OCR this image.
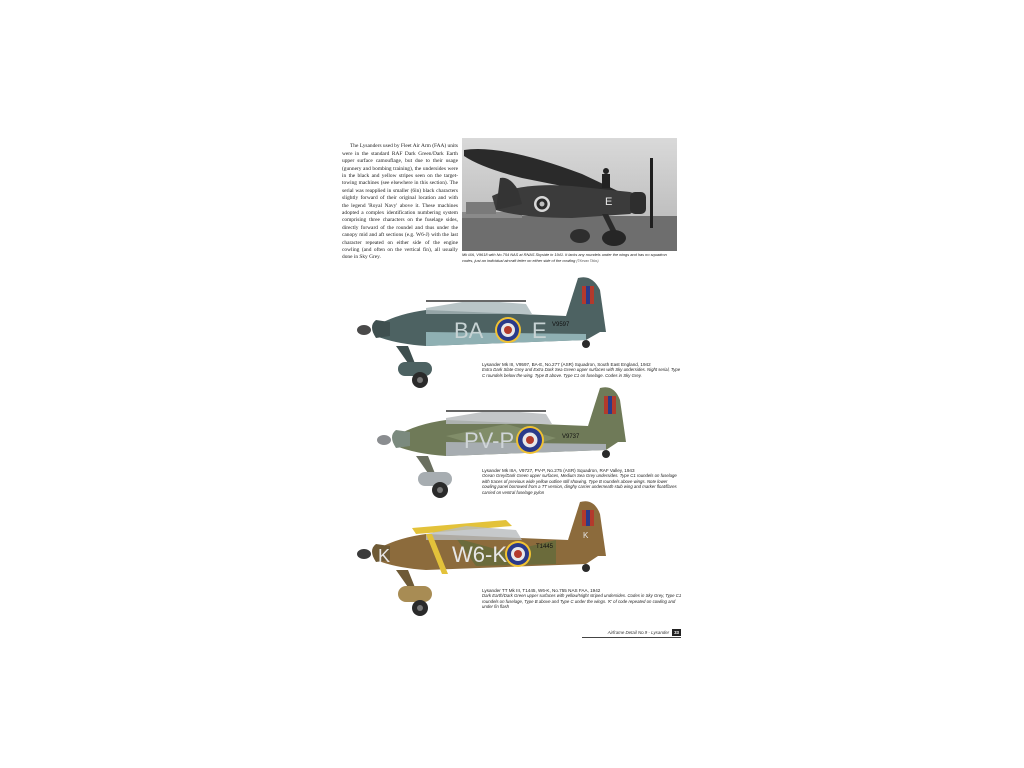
The Lysanders used by Fleet Air Arm (FAA) units were in the standard RAF Dark Green/Dark Earth upper surface camouflage, but due to their usage (gunnery and bombing training), the undersides were in the black and yellow stripes seen on the target-towing machines (see elsewhere in this section). The serial was reapplied in smaller (6in) black characters slightly forward of their original location and with the legend 'Royal Navy' above it. These machines adopted a complex identification numbering system comprising three characters on the fuselage sides, directly forward of the roundel and thus under the canopy mid and aft sections (e.g. W6-J) with the last character repeated on either side of the engine cowling (and often on the vertical fin), all usually done in Sky Grey.

E
Mk IIIA, V9618 with No.754 NAS at RNAS Skyside in 1941. It lacks any roundels under the wings and has no squadron codes, just an individual aircraft letter on either side of the cowling (©Kevan Tibbs)
BA E V9597
Lysander Mk III, V9597, BA-E, No.277 (ASR) Squadron, South East England, 1942
Extra Dark Slate Grey and Extra Dark Sea Green upper surfaces with Sky undersides. Night serial, Type C roundels below the wing. Type B above. Type C1 on fuselage. Codes in Sky Grey.
PV-P	V9737
Lysander Mk IIIA, V9727, PV-P, No.275 (ASR) Squadron, RAF Valley, 1943
Ocean Grey/Dark Green upper surfaces, Medium Sea Grey undersides. Type C1 roundels on fuselage with traces of previous wide yellow outline still showing. Type B roundels above wings. Note lower cowling panel borrowed from a TT version, dinghy carrier underneath stub wing and marker float/flares carried on ventral fuselage pylon
K
K	W6-K	T1445
Lysander TT Mk III, T1445, W6-K, No.755 NAS FAA, 1942
Dark Earth/Dark Green upper surfaces with yellow/Night striped undersides. Codes in Sky Grey, Type C1 roundels on fuselage, Type B above and Type C under the wings. 'K' of code repeated on cowling and under fin flash
Airframe Detail No.9 - Lysander 33
